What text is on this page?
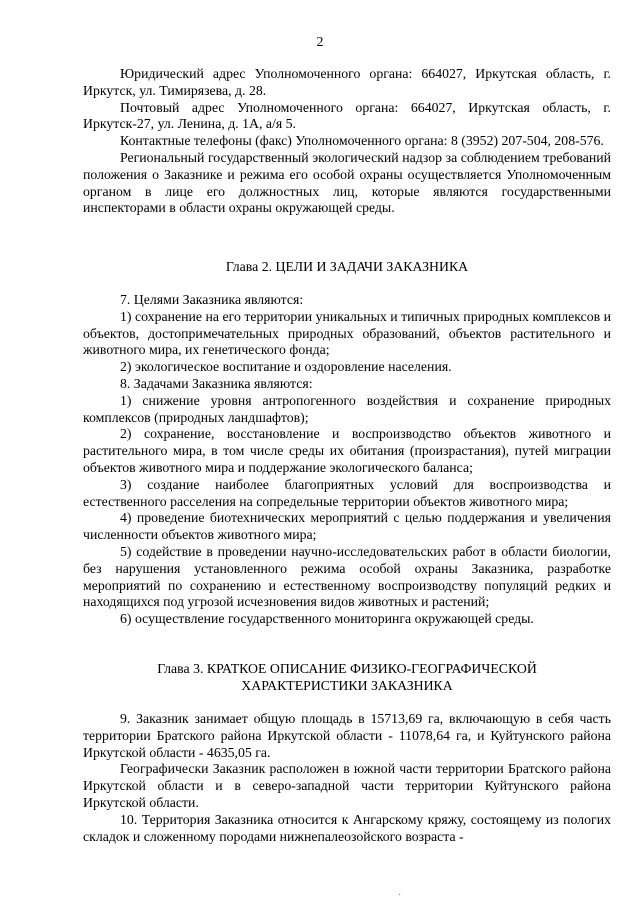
2

Юридический адрес Уполномоченного органа: 664027, Иркутская область, г. Иркутск, ул. Тимирязева, д. 28.

Почтовый адрес Уполномоченного органа: 664027, Иркутская область, г. Иркутск-27, ул. Ленина, д. 1А, а/я 5.

Контактные телефоны (факс) Уполномоченного органа: 8 (3952) 207-504, 208-576.

Региональный государственный экологический надзор за соблюдением требований положения о Заказнике и режима его особой охраны осуществляется Уполномоченным органом в лице его должностных лиц, которые являются государственными инспекторами в области охраны окружающей среды.

Глава 2. ЦЕЛИ И ЗАДАЧИ ЗАКАЗНИКА

7. Целями Заказника являются:

1) сохранение на его территории уникальных и типичных природных комплексов и объектов, достопримечательных природных образований, объектов растительного и животного мира, их генетического фонда;

2) экологическое воспитание и оздоровление населения.

8. Задачами Заказника являются:

1) снижение уровня антропогенного воздействия и сохранение природных комплексов (природных ландшафтов);

2) сохранение, восстановление и воспроизводство объектов животного и растительного мира, в том числе среды их обитания (произрастания), путей миграции объектов животного мира и поддержание экологического баланса;

3) создание наиболее благоприятных условий для воспроизводства и естественного расселения на сопредельные территории объектов животного мира;

4) проведение биотехнических мероприятий с целью поддержания и увеличения численности объектов животного мира;

5) содействие в проведении научно-исследовательских работ в области биологии, без нарушения установленного режима особой охраны Заказника, разработке мероприятий по сохранению и естественному воспроизводству популяций редких и находящихся под угрозой исчезновения видов животных и растений;

6) осуществление государственного мониторинга окружающей среды.

Глава 3. КРАТКОЕ ОПИСАНИЕ ФИЗИКО-ГЕОГРАФИЧЕСКОЙ
ХАРАКТЕРИСТИКИ ЗАКАЗНИКА

9. Заказник занимает общую площадь в 15713,69 га, включающую в себя часть территории Братского района Иркутской области - 11078,64 га, и Куйтунского района Иркутской области - 4635,05 га.

Географически Заказник расположен в южной части территории Братского района Иркутской области и в северо-западной части территории Куйтунского района Иркутской области.

10. Территория Заказника относится к Ангарскому кряжу, состоящему из пологих складок и сложенному породами нижнепалеозойского возраста -

·
